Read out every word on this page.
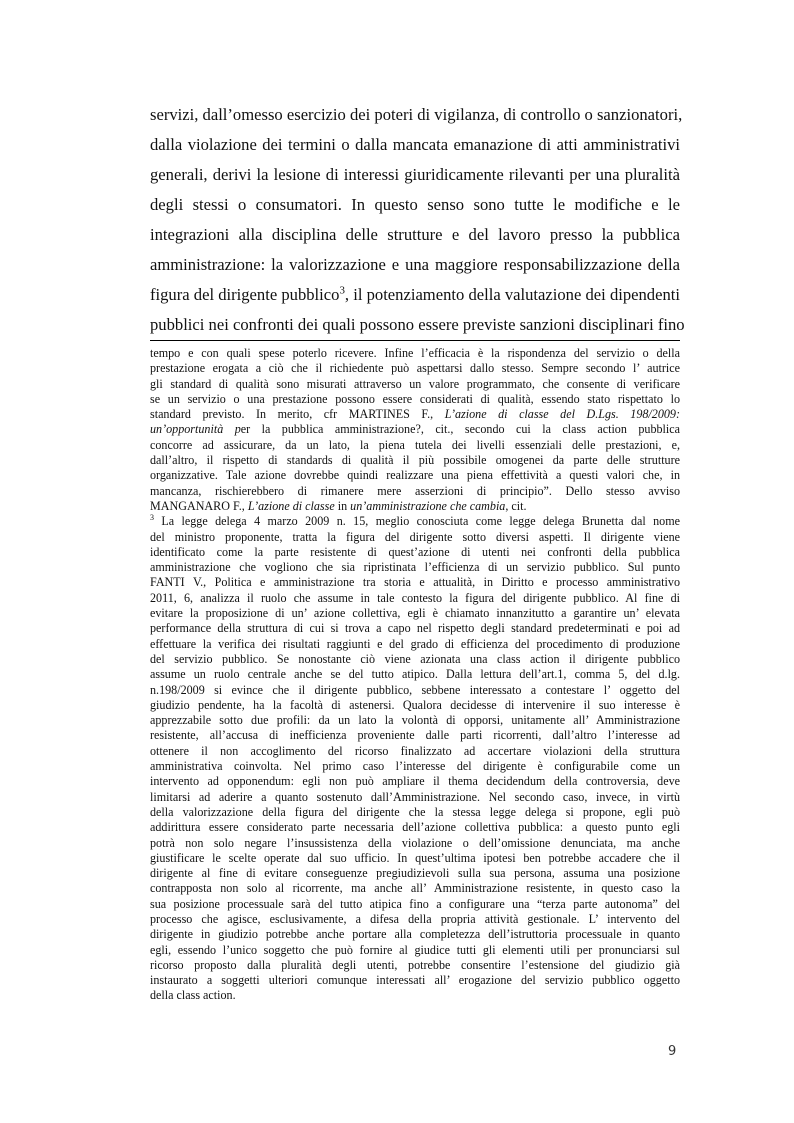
servizi, dall’omesso esercizio dei poteri di vigilanza, di controllo o sanzionatori,
dalla violazione dei termini o dalla mancata emanazione di atti amministrativi
generali, derivi la lesione di interessi giuridicamente rilevanti per una pluralità
degli stessi o consumatori. In questo senso sono tutte le modifiche e le
integrazioni alla disciplina delle strutture e del lavoro presso la pubblica
amministrazione: la valorizzazione e una maggiore responsabilizzazione della
figura del dirigente pubblico$^3$, il potenziamento della valutazione dei dipendenti
pubblici nei confronti dei quali possono essere previste sanzioni disciplinari fino
tempo e con quali spese poterlo ricevere. Infine l’efficacia è la rispondenza del servizio o della
prestazione erogata a ciò che il richiedente può aspettarsi dallo stesso. Sempre secondo l’ autrice
gli standard di qualità sono misurati attraverso un valore programmato, che consente di verificare
se un servizio o una prestazione possono essere considerati di qualità, essendo stato rispettato lo
standard previsto. In merito, cfr MARTINES F., L’azione di classe del D.Lgs. 198/2009:
un’opportunità per la pubblica amministrazione?, cit., secondo cui la class action pubblica
concorre ad assicurare, da un lato, la piena tutela dei livelli essenziali delle prestazioni, e,
dall’altro, il rispetto di standards di qualità il più possibile omogenei da parte delle strutture
organizzative. Tale azione dovrebbe quindi realizzare una piena effettività a questi valori che, in
mancanza, rischierebbero di rimanere mere asserzioni di principio”. Dello stesso avviso
MANGANARO F., L’azione di classe in un’amministrazione che cambia, cit.
$^3$ La legge delega 4 marzo 2009 n. 15, meglio conosciuta come legge delega Brunetta dal nome
del ministro proponente, tratta la figura del dirigente sotto diversi aspetti. Il dirigente viene
identificato come la parte resistente di quest’azione di utenti nei confronti della pubblica
amministrazione che vogliono che sia ripristinata l’efficienza di un servizio pubblico. Sul punto
FANTI V., Politica e amministrazione tra storia e attualità, in Diritto e processo amministrativo
2011, 6, analizza il ruolo che assume in tale contesto la figura del dirigente pubblico. Al fine di
evitare la proposizione di un’ azione collettiva, egli è chiamato innanzitutto a garantire un’ elevata
performance della struttura di cui si trova a capo nel rispetto degli standard predeterminati e poi ad
effettuare la verifica dei risultati raggiunti e del grado di efficienza del procedimento di produzione
del servizio pubblico. Se nonostante ciò viene azionata una class action il dirigente pubblico
assume un ruolo centrale anche se del tutto atipico. Dalla lettura dell’art.1, comma 5, del d.lg.
n.198/2009 si evince che il dirigente pubblico, sebbene interessato a contestare l’ oggetto del
giudizio pendente, ha la facoltà di astenersi. Qualora decidesse di intervenire il suo interesse è
apprezzabile sotto due profili: da un lato la volontà di opporsi, unitamente all’ Amministrazione
resistente, all’accusa di inefficienza proveniente dalle parti ricorrenti, dall’altro l’interesse ad
ottenere il non accoglimento del ricorso finalizzato ad accertare violazioni della struttura
amministrativa coinvolta. Nel primo caso l’interesse del dirigente è configurabile come un
intervento ad opponendum: egli non può ampliare il thema decidendum della controversia, deve
limitarsi ad aderire a quanto sostenuto dall’Amministrazione. Nel secondo caso, invece, in virtù
della valorizzazione della figura del dirigente che la stessa legge delega si propone, egli può
addirittura essere considerato parte necessaria dell’azione collettiva pubblica: a questo punto egli
potrà non solo negare l’insussistenza della violazione o dell’omissione denunciata, ma anche
giustificare le scelte operate dal suo ufficio. In quest’ultima ipotesi ben potrebbe accadere che il
dirigente al fine di evitare conseguenze pregiudizievoli sulla sua persona, assuma una posizione
contrapposta non solo al ricorrente, ma anche all’ Amministrazione resistente, in questo caso la
sua posizione processuale sarà del tutto atipica fino a configurare una “terza parte autonoma” del
processo che agisce, esclusivamente, a difesa della propria attività gestionale. L’ intervento del
dirigente in giudizio potrebbe anche portare alla completezza dell’istruttoria processuale in quanto
egli, essendo l’unico soggetto che può fornire al giudice tutti gli elementi utili per pronunciarsi sul
ricorso proposto dalla pluralità degli utenti, potrebbe consentire l’estensione del giudizio già
instaurato a soggetti ulteriori comunque interessati all’ erogazione del servizio pubblico oggetto
della class action.
9
